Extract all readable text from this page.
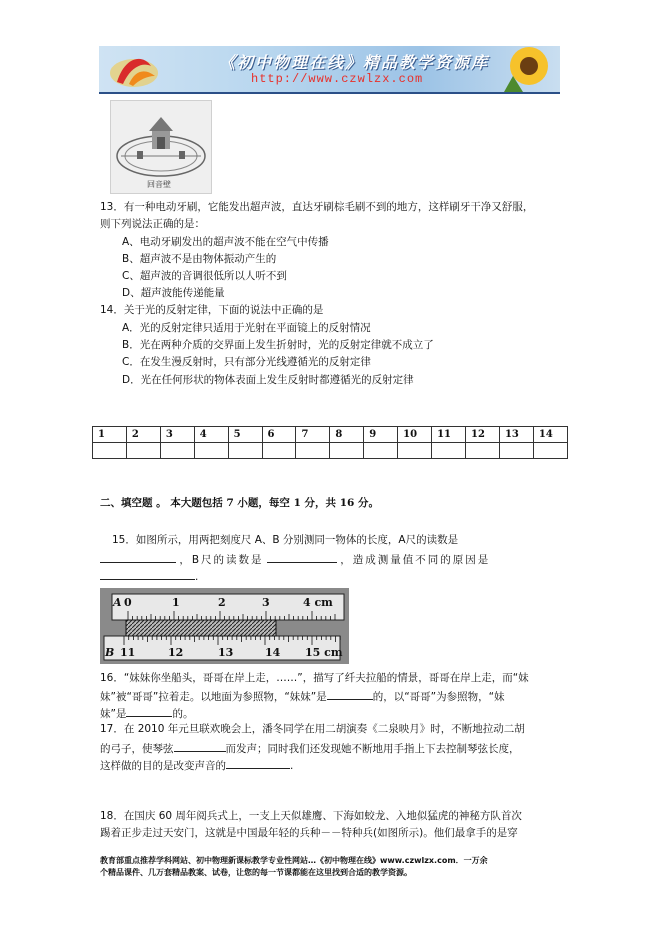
《初中物理在线》精品教学资源库
http://www.czwlzx.com
回音壁
13．有一种电动牙刷，它能发出超声波，直达牙刷棕毛刷不到的地方，这样刷牙干净又舒服，
则下列说法正确的是：
A、电动牙刷发出的超声波不能在空气中传播
B、超声波不是由物体振动产生的
C、超声波的音调很低所以人听不到
D、超声波能传递能量
14．关于光的反射定律，下面的说法中正确的是
A．光的反射定律只适用于光射在平面镜上的反射情况
B．光在两种介质的交界面上发生折射时，光的反射定律就不成立了
C．在发生漫反射时，只有部分光线遵循光的反射定律
D．光在任何形状的物体表面上发生反射时都遵循光的反射定律
1	2	3	4	5	6	7	8	9	10	11	12	13	14

二、填空题 。 本大题包括 7 小题，每空 1 分，共 16 分。
15．如图所示，用两把刻度尺 A、B 分别测同一物体的长度，A尺的读数是
，B尺的读数是	，造成测量值不同的原因是
.
A 0	1	2	3	4 cm
B 11	12	13	14 15 cm
16．“妹妹你坐船头，哥哥在岸上走，……”，描写了纤夫拉船的情景，哥哥在岸上走，而“妹
妹”被“哥哥”拉着走。以地面为参照物，“妹妹”是	的，以“哥哥”为参照物，“妹
妹”是	的。
17．在 2010 年元旦联欢晚会上，潘冬同学在用二胡演奏《二泉映月》时，不断地拉动二胡
的弓子，使琴弦	而发声；同时我们还发现她不断地用手指上下去控制琴弦长度，
这样做的目的是改变声音的	.
18．在国庆 60 周年阅兵式上，一支上天似雄鹰、下海如蛟龙、入地似猛虎的神秘方队首次
踢着正步走过天安门，这就是中国最年轻的兵种－－特种兵(如图所示)。他们最拿手的是穿
教育部重点推荐学科网站、初中物理新课标教学专业性网站…《初中物理在线》www.czwlzx.com．一万余
个精品课件、几万套精品教案、试卷，让您的每一节课都能在这里找到合适的教学资源。
